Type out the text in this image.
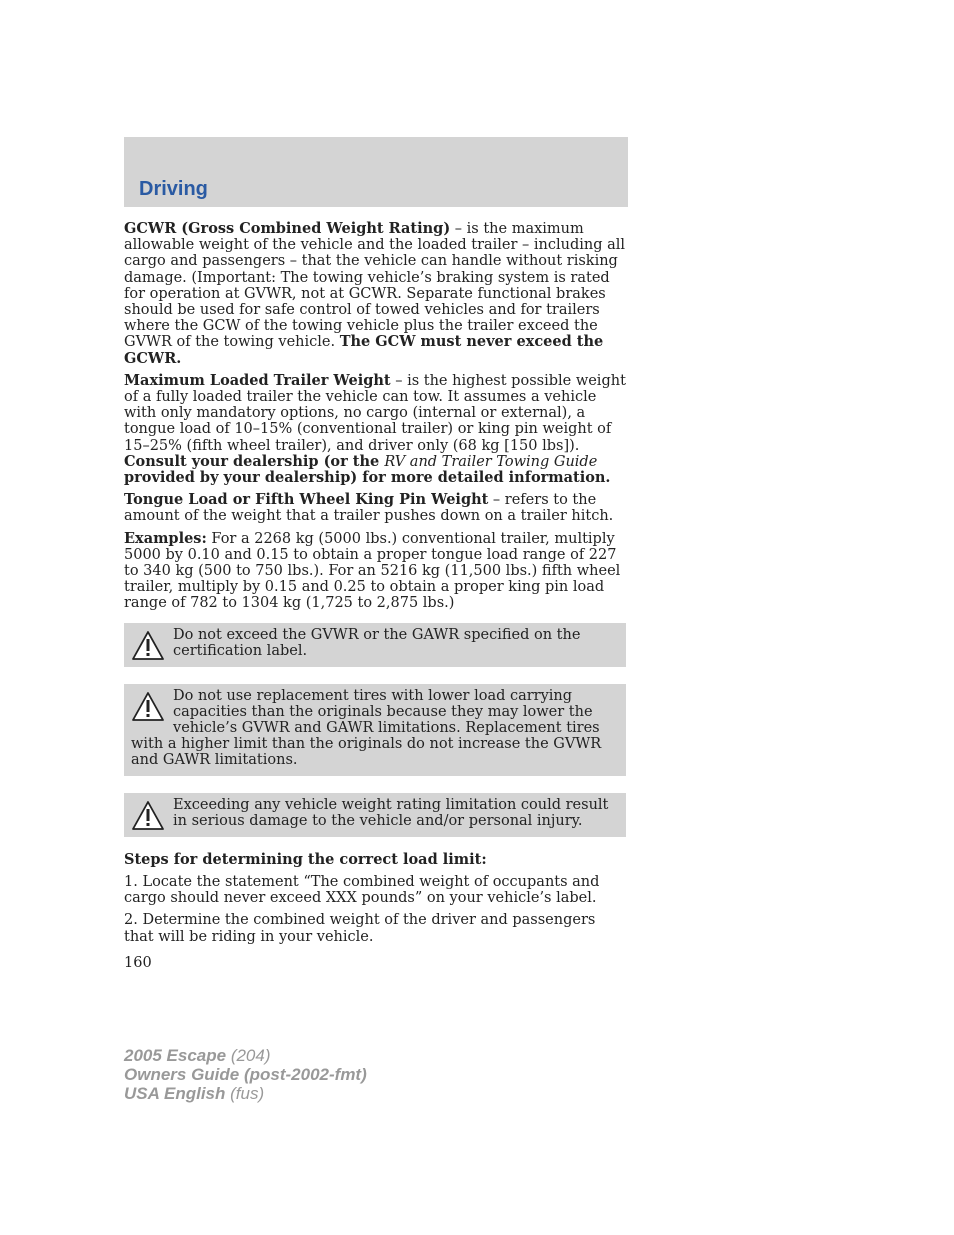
Driving

GCWR (Gross Combined Weight Rating) – is the maximum allowable weight of the vehicle and the loaded trailer – including all cargo and passengers – that the vehicle can handle without risking damage. (Important: The towing vehicle’s braking system is rated for operation at GVWR, not at GCWR. Separate functional brakes should be used for safe control of towed vehicles and for trailers where the GCW of the towing vehicle plus the trailer exceed the GVWR of the towing vehicle. The GCW must never exceed the GCWR.

Maximum Loaded Trailer Weight – is the highest possible weight of a fully loaded trailer the vehicle can tow. It assumes a vehicle with only mandatory options, no cargo (internal or external), a tongue load of 10–15% (conventional trailer) or king pin weight of 15–25% (fifth wheel trailer), and driver only (68 kg [150 lbs]). Consult your dealership (or the RV and Trailer Towing Guide provided by your dealership) for more detailed information.

Tongue Load or Fifth Wheel King Pin Weight – refers to the amount of the weight that a trailer pushes down on a trailer hitch.

Examples: For a 2268 kg (5000 lbs.) conventional trailer, multiply 5000 by 0.10 and 0.15 to obtain a proper tongue load range of 227 to 340 kg (500 to 750 lbs.). For an 5216 kg (11,500 lbs.) fifth wheel trailer, multiply by 0.15 and 0.25 to obtain a proper king pin load range of 782 to 1304 kg (1,725 to 2,875 lbs.)

Do not exceed the GVWR or the GAWR specified on the certification label.

Do not use replacement tires with lower load carrying capacities than the originals because they may lower the vehicle’s GVWR and GAWR limitations. Replacement tires with a higher limit than the originals do not increase the GVWR and GAWR limitations.

Exceeding any vehicle weight rating limitation could result in serious damage to the vehicle and/or personal injury.

Steps for determining the correct load limit:

1. Locate the statement “The combined weight of occupants and cargo should never exceed XXX pounds” on your vehicle’s label.

2. Determine the combined weight of the driver and passengers that will be riding in your vehicle.

160

2005 Escape (204)
Owners Guide (post-2002-fmt)
USA English (fus)
